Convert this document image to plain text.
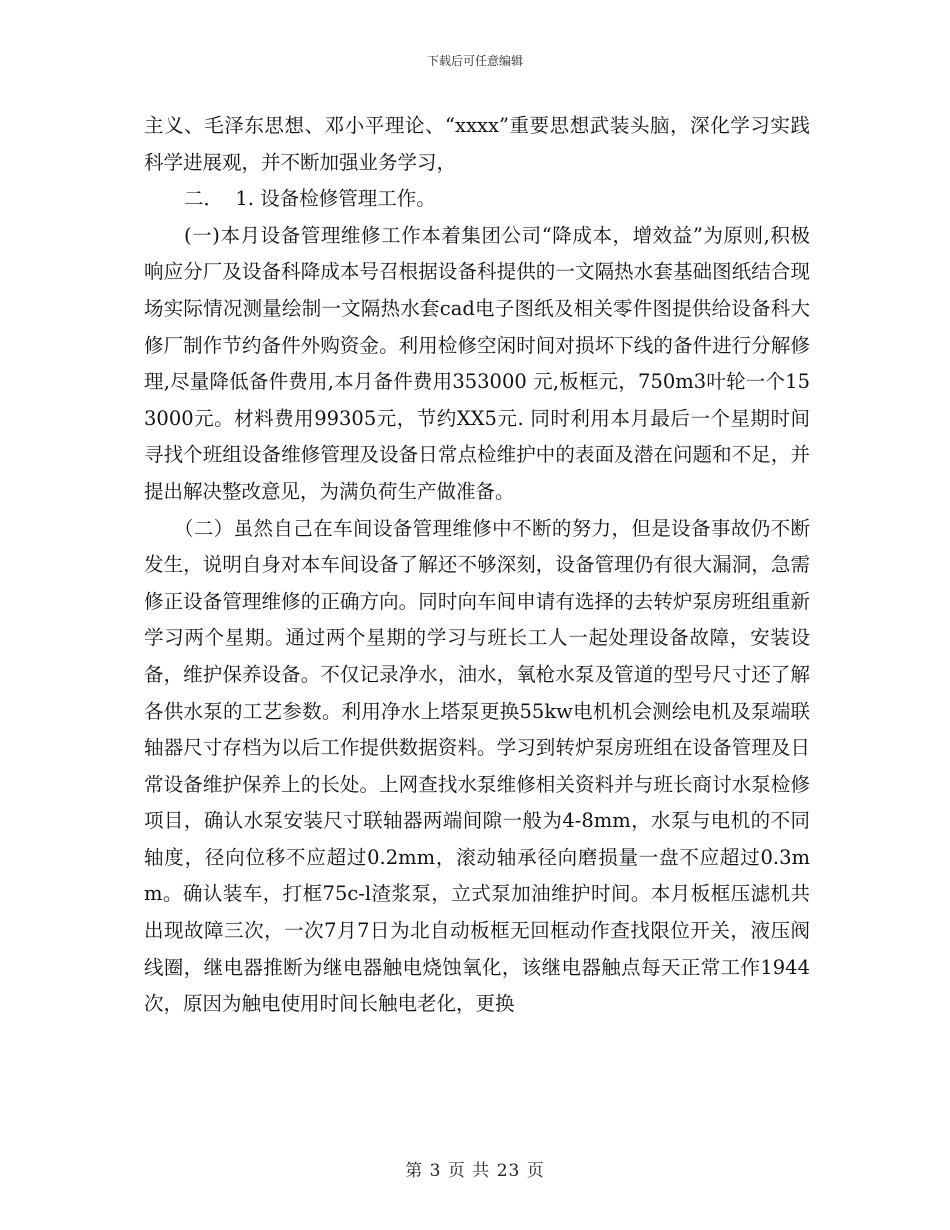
下载后可任意编辑

主义、毛泽东思想、邓小平理论、“xxxx”重要思想武装头脑，深化学习实践科学进展观，并不断加强业务学习，

二．  1. 设备检修管理工作。

(一)本月设备管理维修工作本着集团公司“降成本，增效益”为原则,积极响应分厂及设备科降成本号召根据设备科提供的一文隔热水套基础图纸结合现场实际情况测量绘制一文隔热水套cad电子图纸及相关零件图提供给设备科大修厂制作节约备件外购资金。利用检修空闲时间对损坏下线的备件进行分解修理,尽量降低备件费用,本月备件费用353000 元,板框元，750m3叶轮一个153000元。材料费用99305元，节约XX5元. 同时利用本月最后一个星期时间寻找个班组设备维修管理及设备日常点检维护中的表面及潜在问题和不足，并提出解决整改意见，为满负荷生产做准备。

（二）虽然自己在车间设备管理维修中不断的努力，但是设备事故仍不断发生，说明自身对本车间设备了解还不够深刻，设备管理仍有很大漏洞，急需修正设备管理维修的正确方向。同时向车间申请有选择的去转炉泵房班组重新学习两个星期。通过两个星期的学习与班长工人一起处理设备故障，安装设备，维护保养设备。不仅记录净水，油水，氧枪水泵及管道的型号尺寸还了解各供水泵的工艺参数。利用净水上塔泵更换55kw电机机会测绘电机及泵端联轴器尺寸存档为以后工作提供数据资料。学习到转炉泵房班组在设备管理及日常设备维护保养上的长处。上网查找水泵维修相关资料并与班长商讨水泵检修项目，确认水泵安装尺寸联轴器两端间隙一般为4-8mm，水泵与电机的不同轴度，径向位移不应超过0.2mm，滚动轴承径向磨损量一盘不应超过0.3mm。确认装车，打框75c-l渣浆泵，立式泵加油维护时间。本月板框压滤机共出现故障三次，一次7月7日为北自动板框无回框动作查找限位开关，液压阀线圈，继电器推断为继电器触电烧蚀氧化，该继电器触点每天正常工作1944次，原因为触电使用时间长触电老化，更换

第 3 页 共 23 页
